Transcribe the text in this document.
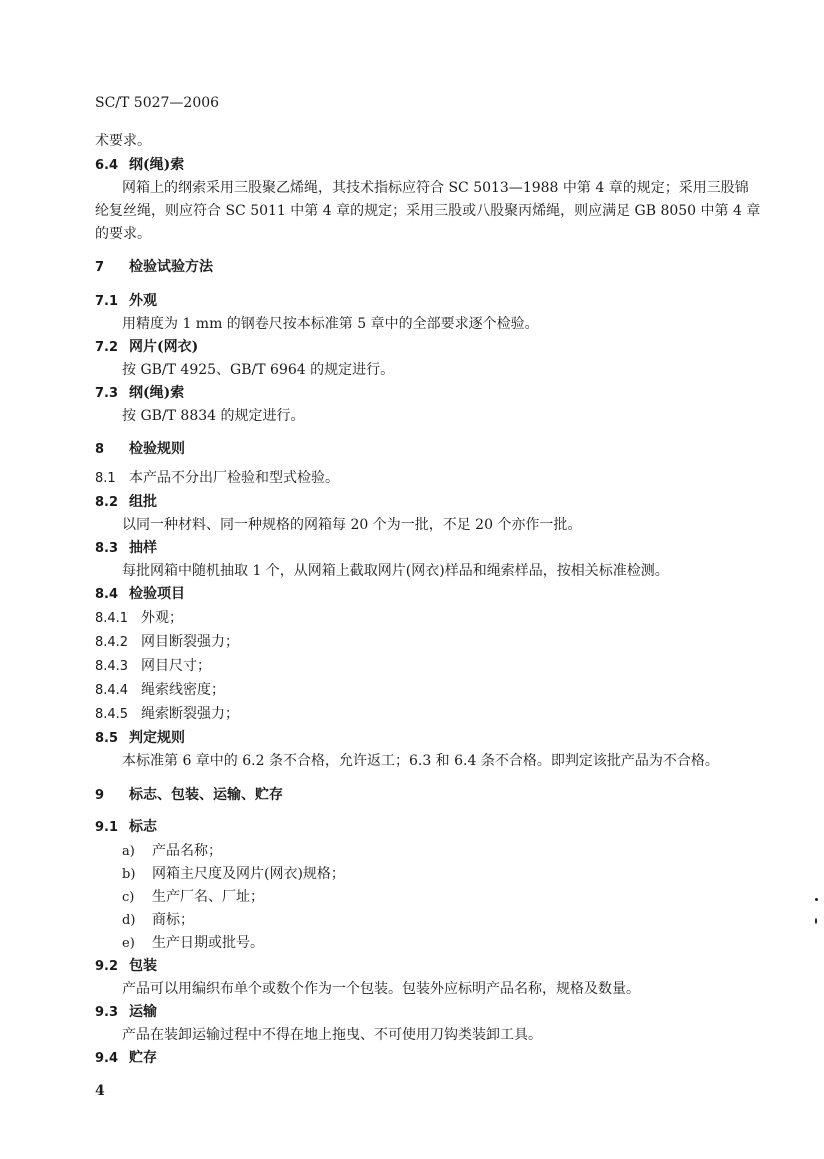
SC/T 5027—2006
术要求。
6.4 纲(绳)索
网箱上的纲索采用三股聚乙烯绳，其技术指标应符合 SC 5013—1988 中第 4 章的规定；采用三股锦
纶复丝绳，则应符合 SC 5011 中第 4 章的规定；采用三股或八股聚丙烯绳，则应满足 GB 8050 中第 4 章
的要求。
7 检验试验方法
7.1 外观
用精度为 1 mm 的钢卷尺按本标准第 5 章中的全部要求逐个检验。
7.2 网片(网衣)
按 GB/T 4925、GB/T 6964 的规定进行。
7.3 纲(绳)索
按 GB/T 8834 的规定进行。
8 检验规则
8.1 本产品不分出厂检验和型式检验。
8.2 组批
以同一种材料、同一种规格的网箱每 20 个为一批，不足 20 个亦作一批。
8.3 抽样
每批网箱中随机抽取 1 个，从网箱上截取网片(网衣)样品和绳索样品，按相关标准检测。
8.4 检验项目
8.4.1 外观；
8.4.2 网目断裂强力；
8.4.3 网目尺寸；
8.4.4 绳索线密度；
8.4.5 绳索断裂强力；
8.5 判定规则
本标准第 6 章中的 6.2 条不合格，允许返工；6.3 和 6.4 条不合格。即判定该批产品为不合格。
9 标志、包装、运输、贮存
9.1 标志
a) 产品名称；
b) 网箱主尺度及网片(网衣)规格；
c) 生产厂名、厂址；
d) 商标；
e) 生产日期或批号。
9.2 包装
产品可以用编织布单个或数个作为一个包装。包装外应标明产品名称，规格及数量。
9.3 运输
产品在装卸运输过程中不得在地上拖曳、不可使用刀钩类装卸工具。
9.4 贮存
4
